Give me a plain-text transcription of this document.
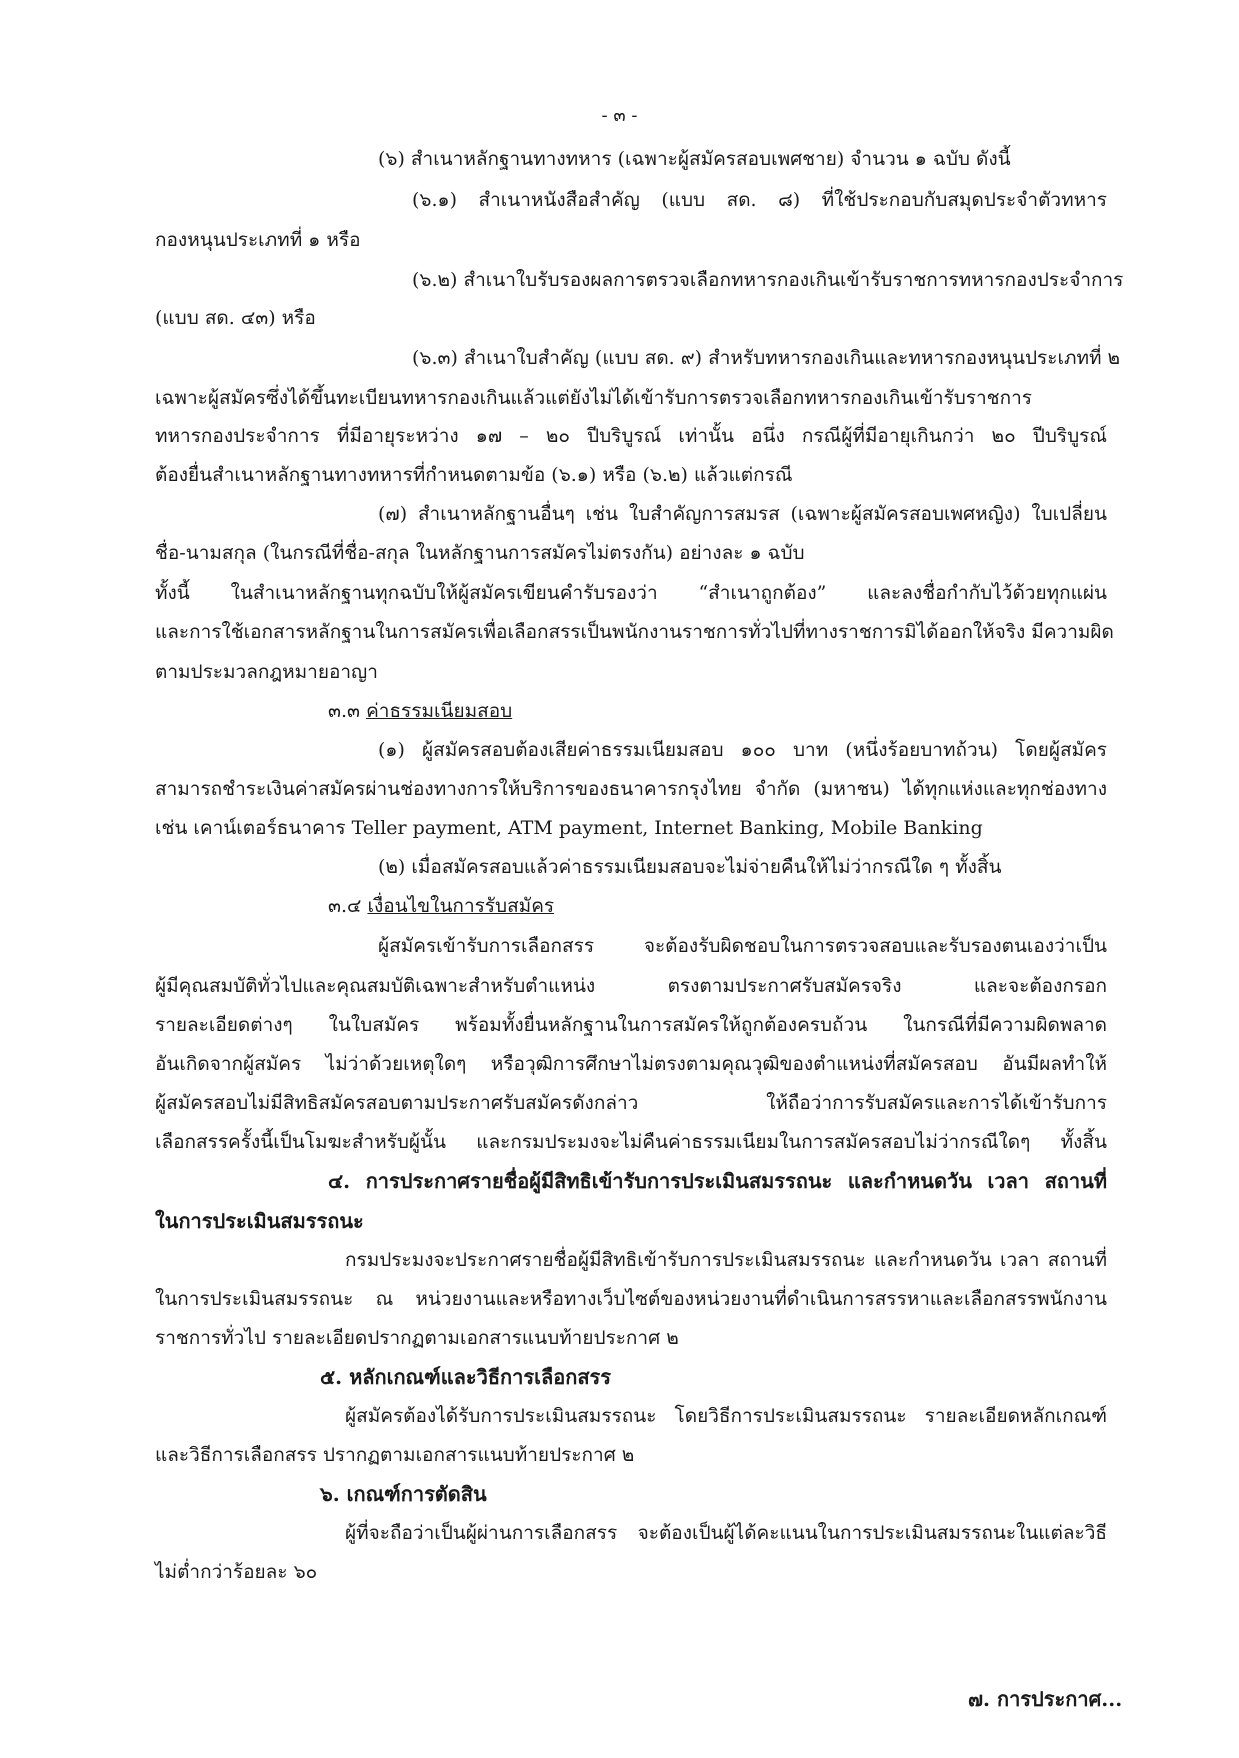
- ๓ -
(๖) สำเนาหลักฐานทางทหาร (เฉพาะผู้สมัครสอบเพศชาย) จำนวน ๑ ฉบับ ดังนี้
(๖.๑) สำเนาหนังสือสำคัญ (แบบ สด. ๘) ที่ใช้ประกอบกับสมุดประจำตัวทหาร
กองหนุนประเภทที่ ๑ หรือ
(๖.๒) สำเนาใบรับรองผลการตรวจเลือกทหารกองเกินเข้ารับราชการทหารกองประจำการ
(แบบ สด. ๔๓) หรือ
(๖.๓) สำเนาใบสำคัญ (แบบ สด. ๙) สำหรับทหารกองเกินและทหารกองหนุนประเภทที่ ๒
เฉพาะผู้สมัครซึ่งได้ขึ้นทะเบียนทหารกองเกินแล้วแต่ยังไม่ได้เข้ารับการตรวจเลือกทหารกองเกินเข้ารับราชการ
ทหารกองประจำการ ที่มีอายุระหว่าง ๑๗ – ๒๐ ปีบริบูรณ์ เท่านั้น อนึ่ง กรณีผู้ที่มีอายุเกินกว่า ๒๐ ปีบริบูรณ์
ต้องยื่นสำเนาหลักฐานทางทหารที่กำหนดตามข้อ (๖.๑) หรือ (๖.๒) แล้วแต่กรณี
(๗) สำเนาหลักฐานอื่นๆ เช่น ใบสำคัญการสมรส (เฉพาะผู้สมัครสอบเพศหญิง) ใบเปลี่ยน
ชื่อ-นามสกุล (ในกรณีที่ชื่อ-สกุล ในหลักฐานการสมัครไม่ตรงกัน) อย่างละ ๑ ฉบับ
ทั้งนี้ ในสำเนาหลักฐานทุกฉบับให้ผู้สมัครเขียนคำรับรองว่า “สำเนาถูกต้อง” และลงชื่อกำกับไว้ด้วยทุกแผ่น
และการใช้เอกสารหลักฐานในการสมัครเพื่อเลือกสรรเป็นพนักงานราชการทั่วไปที่ทางราชการมิได้ออกให้จริง มีความผิด
ตามประมวลกฎหมายอาญา
๓.๓ ค่าธรรมเนียมสอบ
(๑) ผู้สมัครสอบต้องเสียค่าธรรมเนียมสอบ ๑๐๐ บาท (หนึ่งร้อยบาทถ้วน) โดยผู้สมัคร
สามารถชำระเงินค่าสมัครผ่านช่องทางการให้บริการของธนาคารกรุงไทย จำกัด (มหาชน) ได้ทุกแห่งและทุกช่องทาง
เช่น เคาน์เตอร์ธนาคาร Teller payment, ATM payment, Internet Banking, Mobile Banking
(๒) เมื่อสมัครสอบแล้วค่าธรรมเนียมสอบจะไม่จ่ายคืนให้ไม่ว่ากรณีใด ๆ ทั้งสิ้น
๓.๔ เงื่อนไขในการรับสมัคร
ผู้สมัครเข้ารับการเลือกสรร จะต้องรับผิดชอบในการตรวจสอบและรับรองตนเองว่าเป็น
ผู้มีคุณสมบัติทั่วไปและคุณสมบัติเฉพาะสำหรับตำแหน่ง ตรงตามประกาศรับสมัครจริง และจะต้องกรอก
รายละเอียดต่างๆ ในใบสมัคร พร้อมทั้งยื่นหลักฐานในการสมัครให้ถูกต้องครบถ้วน ในกรณีที่มีความผิดพลาด
อันเกิดจากผู้สมัคร ไม่ว่าด้วยเหตุใดๆ หรือวุฒิการศึกษาไม่ตรงตามคุณวุฒิของตำแหน่งที่สมัครสอบ อันมีผลทำให้
ผู้สมัครสอบไม่มีสิทธิสมัครสอบตามประกาศรับสมัครดังกล่าว ให้ถือว่าการรับสมัครและการได้เข้ารับการ
เลือกสรรครั้งนี้เป็นโมฆะสำหรับผู้นั้น และกรมประมงจะไม่คืนค่าธรรมเนียมในการสมัครสอบไม่ว่ากรณีใดๆ ทั้งสิ้น
๔. การประกาศรายชื่อผู้มีสิทธิเข้ารับการประเมินสมรรถนะ และกำหนดวัน เวลา สถานที่
ในการประเมินสมรรถนะ
กรมประมงจะประกาศรายชื่อผู้มีสิทธิเข้ารับการประเมินสมรรถนะ และกำหนดวัน เวลา สถานที่
ในการประเมินสมรรถนะ ณ หน่วยงานและหรือทางเว็บไซต์ของหน่วยงานที่ดำเนินการสรรหาและเลือกสรรพนักงาน
ราชการทั่วไป รายละเอียดปรากฏตามเอกสารแนบท้ายประกาศ ๒
๕. หลักเกณฑ์และวิธีการเลือกสรร
ผู้สมัครต้องได้รับการประเมินสมรรถนะ โดยวิธีการประเมินสมรรถนะ รายละเอียดหลักเกณฑ์
และวิธีการเลือกสรร ปรากฏตามเอกสารแนบท้ายประกาศ ๒
๖. เกณฑ์การตัดสิน
ผู้ที่จะถือว่าเป็นผู้ผ่านการเลือกสรร จะต้องเป็นผู้ได้คะแนนในการประเมินสมรรถนะในแต่ละวิธี
ไม่ต่ำกว่าร้อยละ ๖๐
๗. การประกาศ...
